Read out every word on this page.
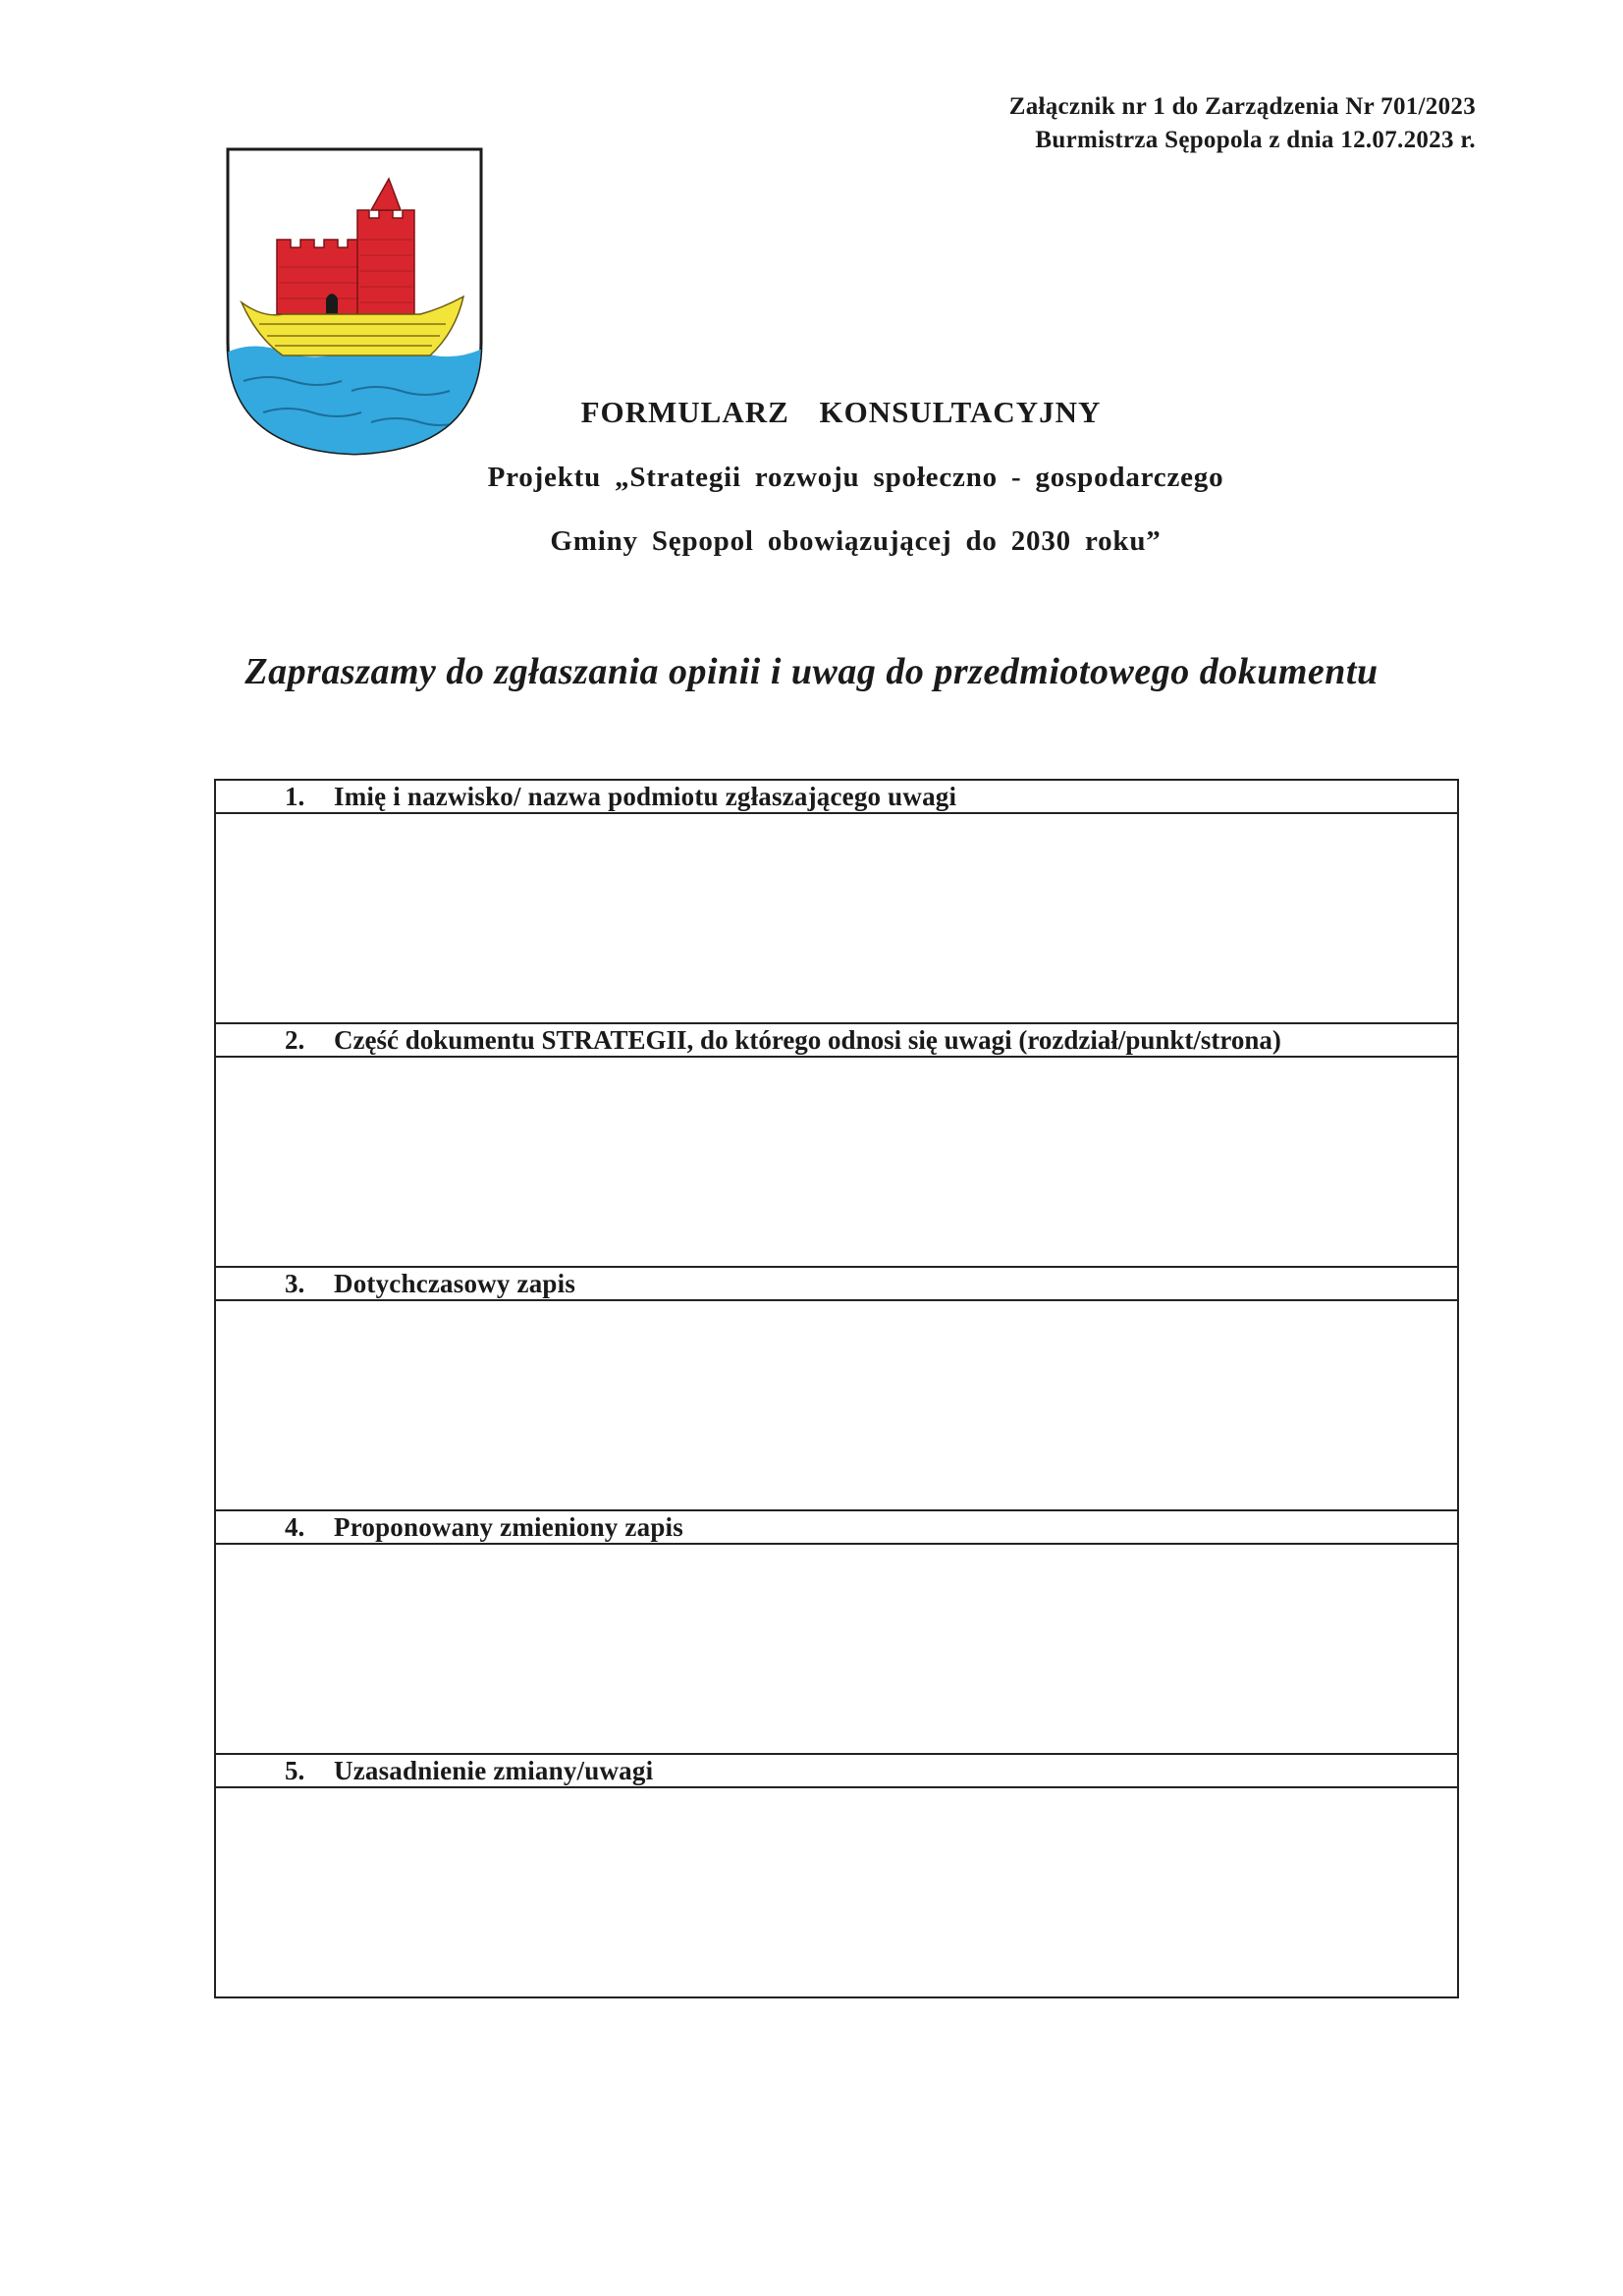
Załącznik nr 1 do Zarządzenia Nr 701/2023
Burmistrza Sępopola z dnia 12.07.2023 r.
FORMULARZ KONSULTACYJNY
Projektu „Strategii rozwoju społeczno - gospodarczego
Gminy Sępopol obowiązującej do 2030 roku”
Zapraszamy do zgłaszania opinii i uwag do przedmiotowego dokumentu
1. Imię i nazwisko/ nazwa podmiotu zgłaszającego uwagi
2. Część dokumentu STRATEGII, do którego odnosi się uwagi (rozdział/punkt/strona)
3. Dotychczasowy zapis
4. Proponowany zmieniony zapis
5. Uzasadnienie zmiany/uwagi
